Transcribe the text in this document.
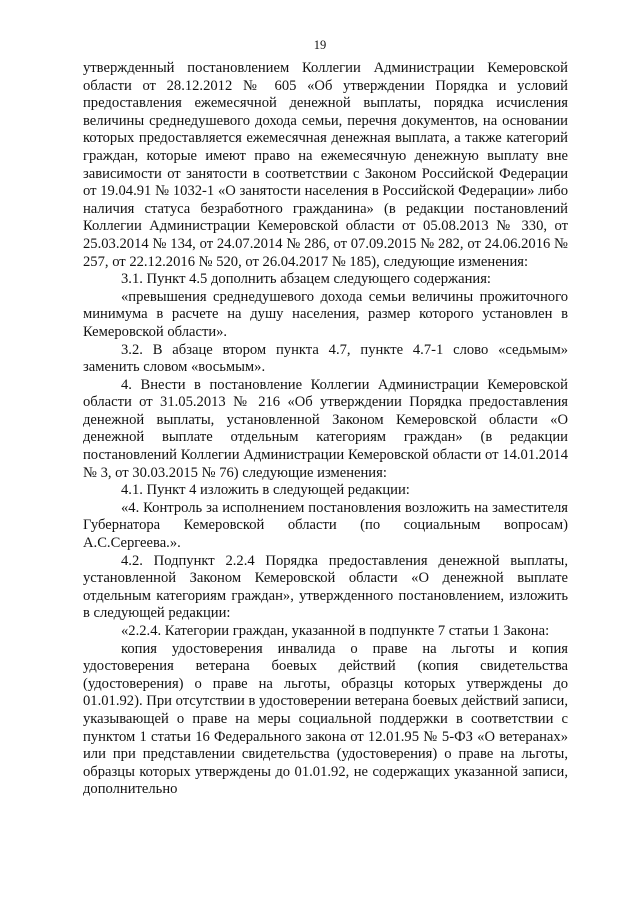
19

утвержденный постановлением Коллегии Администрации Кемеровской области от 28.12.2012 № 605 «Об утверждении Порядка и условий предоставления ежемесячной денежной выплаты, порядка исчисления величины среднедушевого дохода семьи, перечня документов, на основании которых предоставляется ежемесячная денежная выплата, а также категорий граждан, которые имеют право на ежемесячную денежную выплату вне зависимости от занятости в соответствии с Законом Российской Федерации от 19.04.91 № 1032-1 «О занятости населения в Российской Федерации» либо наличия статуса безработного гражданина» (в редакции постановлений Коллегии Администрации Кемеровской области от 05.08.2013 № 330, от 25.03.2014 № 134, от 24.07.2014 № 286, от 07.09.2015 № 282, от 24.06.2016 № 257, от 22.12.2016 № 520, от 26.04.2017 № 185), следующие изменения:

3.1. Пункт 4.5 дополнить абзацем следующего содержания:

«превышения среднедушевого дохода семьи величины прожиточного минимума в расчете на душу населения, размер которого установлен в Кемеровской области».

3.2. В абзаце втором пункта 4.7, пункте 4.7-1 слово «седьмым» заменить словом «восьмым».

4. Внести в постановление Коллегии Администрации Кемеровской области от 31.05.2013 № 216 «Об утверждении Порядка предоставления денежной выплаты, установленной Законом Кемеровской области «О денежной выплате отдельным категориям граждан» (в редакции постановлений Коллегии Администрации Кемеровской области от 14.01.2014 № 3, от 30.03.2015 № 76) следующие изменения:

4.1. Пункт 4 изложить в следующей редакции:

«4. Контроль за исполнением постановления возложить на заместителя Губернатора Кемеровской области (по социальным вопросам) А.С.Сергеева.».

4.2. Подпункт 2.2.4 Порядка предоставления денежной выплаты, установленной Законом Кемеровской области «О денежной выплате отдельным категориям граждан», утвержденного постановлением, изложить в следующей редакции:

«2.2.4. Категории граждан, указанной в подпункте 7 статьи 1 Закона:

копия удостоверения инвалида о праве на льготы и копия удостоверения ветерана боевых действий (копия свидетельства (удостоверения) о праве на льготы, образцы которых утверждены до 01.01.92). При отсутствии в удостоверении ветерана боевых действий записи, указывающей о праве на меры социальной поддержки в соответствии с пунктом 1 статьи 16 Федерального закона от 12.01.95 № 5-ФЗ «О ветеранах» или при представлении свидетельства (удостоверения) о праве на льготы, образцы которых утверждены до 01.01.92, не содержащих указанной записи, дополнительно
